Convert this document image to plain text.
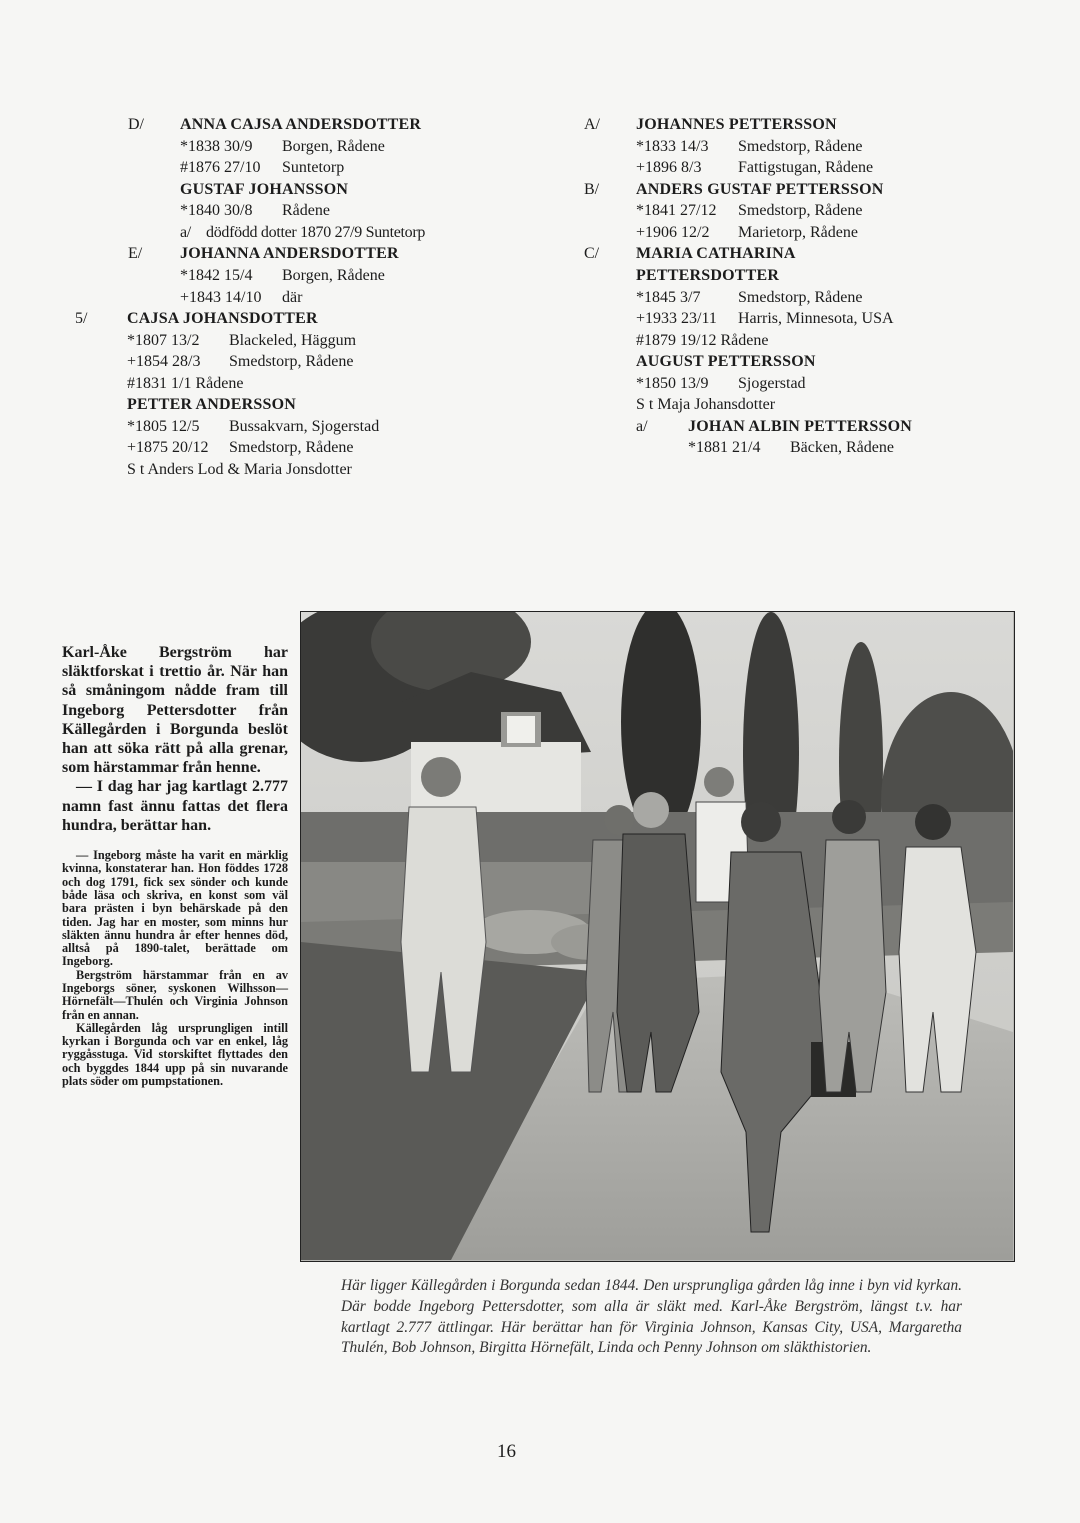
D/ ANNA CAJSA ANDERSDOTTER
*1838 30/9 Borgen, Rådene
#1876 27/10 Suntetorp
GUSTAF JOHANSSON
*1840 30/8 Rådene
a/ dödfödd dotter 1870 27/9 Suntetorp
E/ JOHANNA ANDERSDOTTER
*1842 15/4 Borgen, Rådene
+1843 14/10 där
5/ CAJSA JOHANSDOTTER
*1807 13/2 Blackeled, Häggum
+1854 28/3 Smedstorp, Rådene
#1831 1/1 Rådene
PETTER ANDERSSON
*1805 12/5 Bussakvarn, Sjogerstad
+1875 20/12 Smedstorp, Rådene
S t Anders Lod & Maria Jonsdotter
A/ JOHANNES PETTERSSON
*1833 14/3 Smedstorp, Rådene
+1896 8/3 Fattigstugan, Rådene
B/ ANDERS GUSTAF PETTERSSON
*1841 27/12 Smedstorp, Rådene
+1906 12/2 Marietorp, Rådene
C/ MARIA CATHARINA
PETTERSDOTTER
*1845 3/7 Smedstorp, Rådene
+1933 23/11 Harris, Minnesota, USA
#1879 19/12 Rådene
AUGUST PETTERSSON
*1850 13/9 Sjogerstad
S t Maja Johansdotter
a/	JOHAN ALBIN PETTERSSON
*1881 21/4 Bäcken, Rådene

Karl-Åke Bergström har släktforskat i trettio år. När han så småningom nådde fram till Ingeborg Pettersdotter från Källegården i Borgunda beslöt han att söka rätt på alla grenar, som härstammar från henne.

— I dag har jag kartlagt 2.777 namn fast ännu fattas det flera hundra, berättar han.

— Ingeborg måste ha varit en märklig kvinna, konstaterar han. Hon föddes 1728 och dog 1791, fick sex sönder och kunde både läsa och skriva, en konst som väl bara prästen i byn behärskade på den tiden. Jag har en moster, som minns hur släkten ännu hundra år efter hennes död, alltså på 1890-talet, berättade om Ingeborg.

Bergström härstammar från en av Ingeborgs söner, syskonen Wilhsson—Hörnefält—Thulén och Virginia Johnson från en annan.

Källegården låg ursprungligen intill kyrkan i Borgunda och var en enkel, låg ryggåsstuga. Vid storskiftet flyttades den och byggdes 1844 upp på sin nuvarande plats söder om pumpstationen.

Här ligger Källegården i Borgunda sedan 1844. Den ursprungliga gården låg inne i byn vid kyrkan. Där bodde Ingeborg Pettersdotter, som alla är släkt med. Karl-Åke Bergström, längst t.v. har kartlagt 2.777 ättlingar. Här berättar han för Virginia Johnson, Kansas City, USA, Margaretha Thulén, Bob Johnson, Birgitta Hörnefält, Linda och Penny Johnson om släkthistorien.

16
